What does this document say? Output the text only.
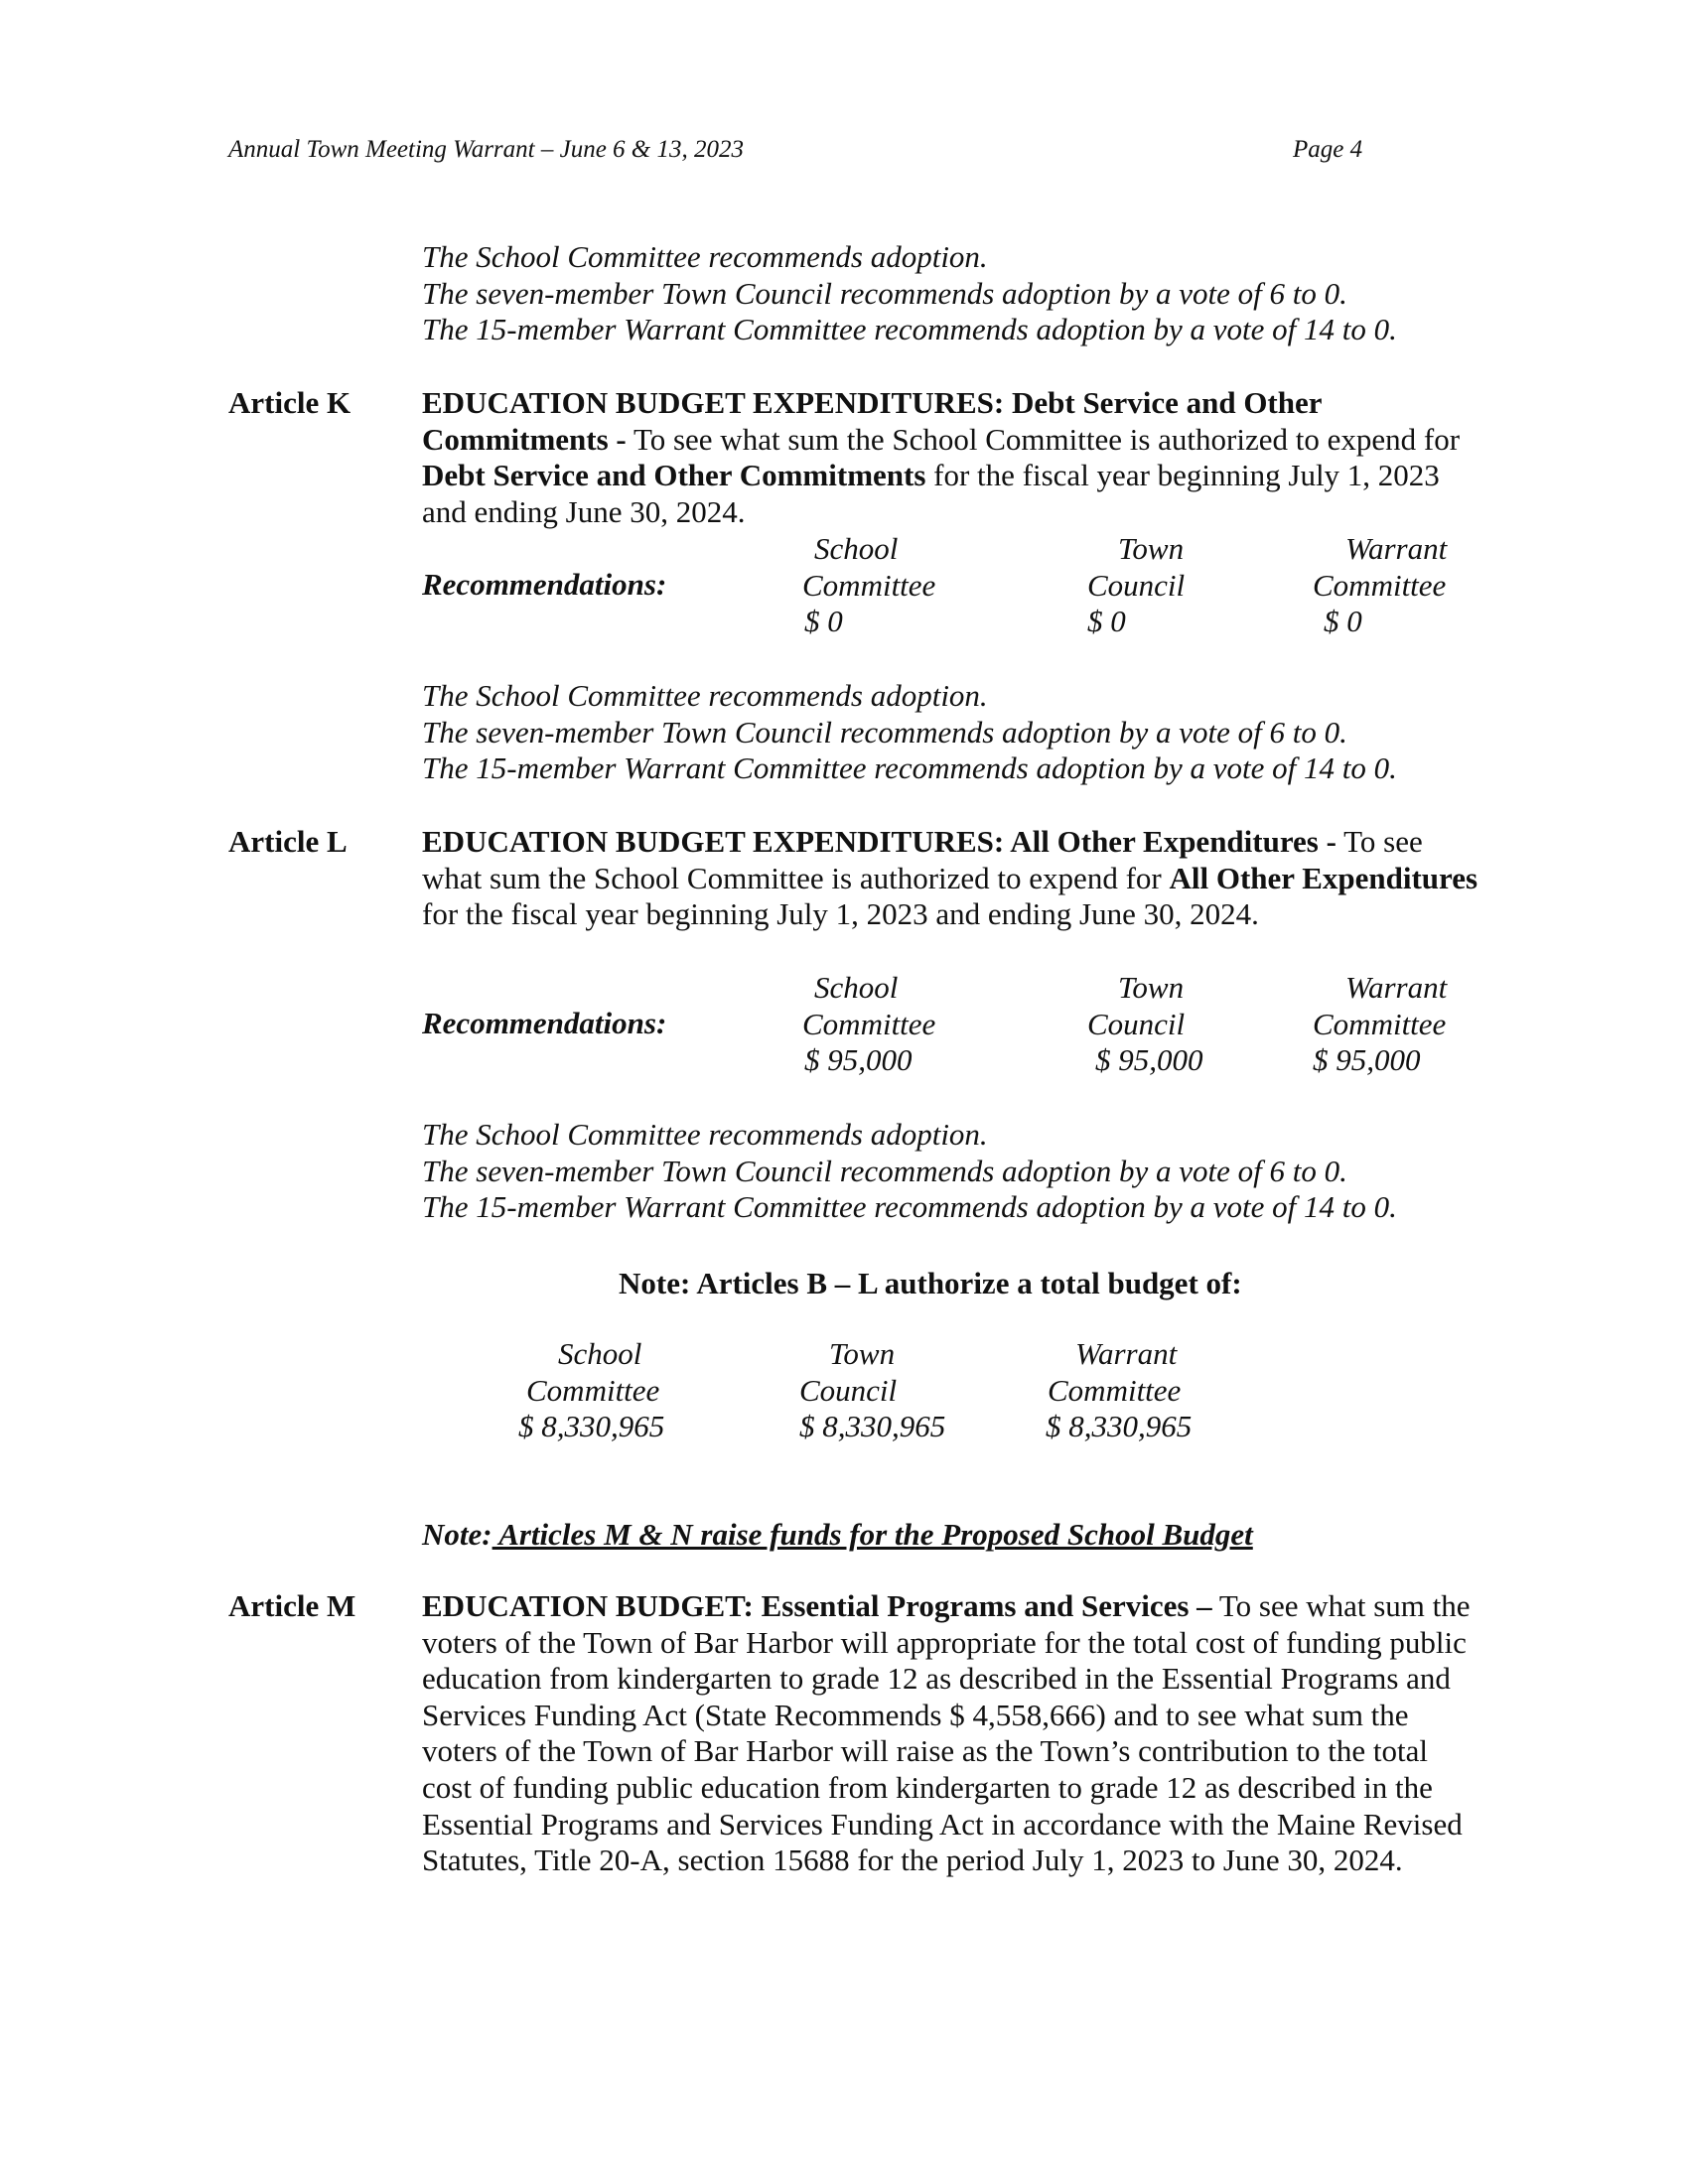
Annual Town Meeting Warrant – June 6 & 13, 2023	Page 4
The School Committee recommends adoption.
The seven-member Town Council recommends adoption by a vote of 6 to 0.
The 15-member Warrant Committee recommends adoption by a vote of 14 to 0.
Article K EDUCATION BUDGET EXPENDITURES: Debt Service and Other Commitments - To see what sum the School Committee is authorized to expend for Debt Service and Other Commitments for the fiscal year beginning July 1, 2023 and ending June 30, 2024.
Recommendations:
School
Committee
$ 0
Town
Council
$ 0
Warrant
Committee
$ 0
The School Committee recommends adoption.
The seven-member Town Council recommends adoption by a vote of 6 to 0.
The 15-member Warrant Committee recommends adoption by a vote of 14 to 0.
Article L EDUCATION BUDGET EXPENDITURES: All Other Expenditures - To see what sum the School Committee is authorized to expend for All Other Expenditures for the fiscal year beginning July 1, 2023 and ending June 30, 2024.
Recommendations:
School
Committee
$ 95,000
Town
Council
$ 95,000
Warrant
Committee
$ 95,000
The School Committee recommends adoption.
The seven-member Town Council recommends adoption by a vote of 6 to 0.
The 15-member Warrant Committee recommends adoption by a vote of 14 to 0.
Note: Articles B – L authorize a total budget of:
School
Committee
$ 8,330,965
Town
Council
$ 8,330,965
Warrant
Committee
$ 8,330,965
Note: Articles M & N raise funds for the Proposed School Budget
Article M EDUCATION BUDGET: Essential Programs and Services – To see what sum the voters of the Town of Bar Harbor will appropriate for the total cost of funding public education from kindergarten to grade 12 as described in the Essential Programs and Services Funding Act (State Recommends $ 4,558,666) and to see what sum the voters of the Town of Bar Harbor will raise as the Town’s contribution to the total cost of funding public education from kindergarten to grade 12 as described in the Essential Programs and Services Funding Act in accordance with the Maine Revised Statutes, Title 20-A, section 15688 for the period July 1, 2023 to June 30, 2024.
